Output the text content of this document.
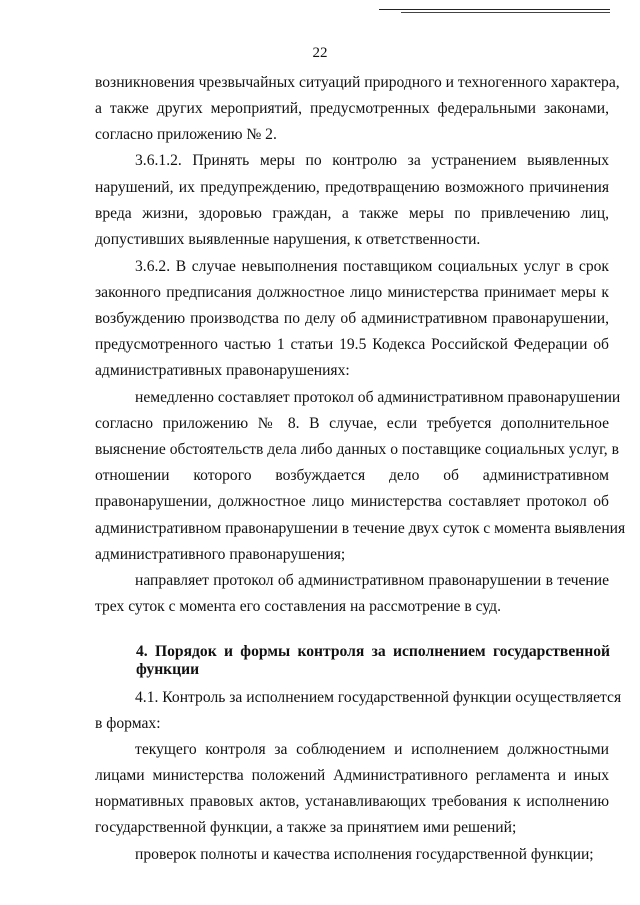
22
возникновения чрезвычайных ситуаций природного и техногенного характера,
а также других мероприятий, предусмотренных федеральными законами,
согласно приложению № 2.
3.6.1.2. Принять меры по контролю за устранением выявленных
нарушений, их предупреждению, предотвращению возможного причинения
вреда жизни, здоровью граждан, а также меры по привлечению лиц,
допустивших выявленные нарушения, к ответственности.
3.6.2. В случае невыполнения поставщиком социальных услуг в срок
законного предписания должностное лицо министерства принимает меры к
возбуждению производства по делу об административном правонарушении,
предусмотренного частью 1 статьи 19.5 Кодекса Российской Федерации об
административных правонарушениях:
немедленно составляет протокол об административном правонарушении
согласно приложению № 8. В случае, если требуется дополнительное
выяснение обстоятельств дела либо данных о поставщике социальных услуг, в
отношении которого возбуждается дело об административном
правонарушении, должностное лицо министерства составляет протокол об
административном правонарушении в течение двух суток с момента выявления
административного правонарушения;
направляет протокол об административном правонарушении в течение
трех суток с момента его составления на рассмотрение в суд.
4. Порядок и формы контроля за исполнением государственной
функции
4.1. Контроль за исполнением государственной функции осуществляется
в формах:
текущего контроля за соблюдением и исполнением должностными
лицами министерства положений Административного регламента и иных
нормативных правовых актов, устанавливающих требования к исполнению
государственной функции, а также за принятием ими решений;
проверок полноты и качества исполнения государственной функции;
